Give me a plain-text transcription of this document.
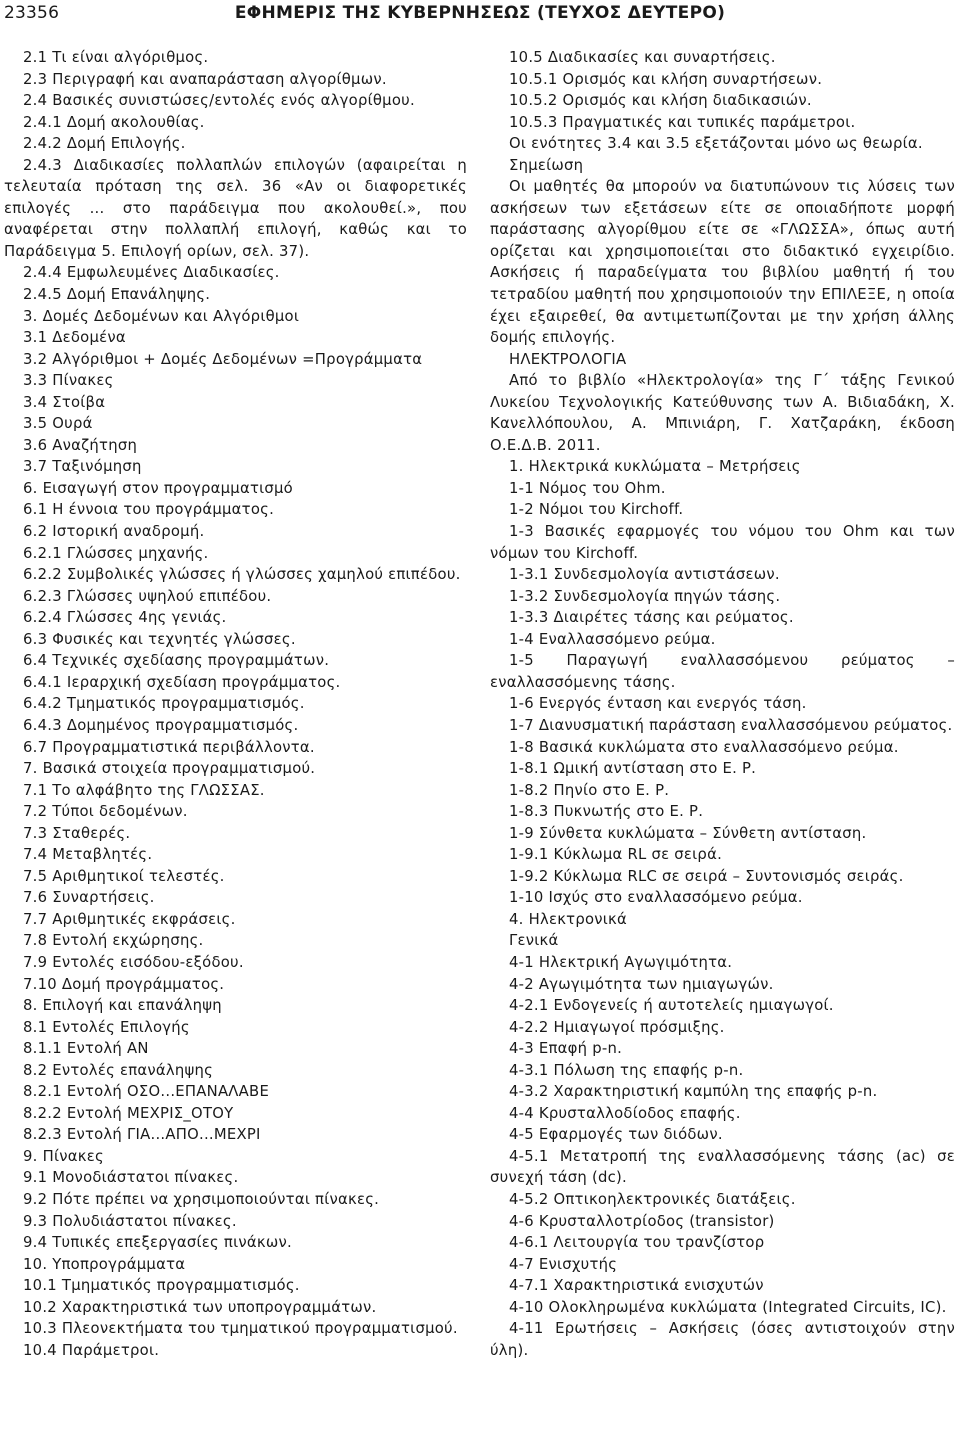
23356	ΕΦΗΜΕΡΙΣ ΤΗΣ ΚΥΒΕΡΝΗΣΕΩΣ (ΤΕΥΧΟΣ ΔΕΥΤΕΡΟ)

2.1 Τι είναι αλγόριθμος.

2.3 Περιγραφή και αναπαράσταση αλγορίθμων.

2.4 Βασικές συνιστώσες/εντολές ενός αλγορίθμου.

2.4.1 Δομή ακολουθίας.

2.4.2 Δομή Επιλογής.

2.4.3 Διαδικασίες πολλαπλών επιλογών (αφαιρείται η τελευταία πρόταση της σελ. 36 «Αν οι διαφορετικές επιλογές ... στο παράδειγμα που ακολουθεί.», που αναφέρεται στην πολλαπλή επιλογή, καθώς και το Παράδειγμα 5. Επιλογή ορίων, σελ. 37).

2.4.4 Εμφωλευμένες Διαδικασίες.

2.4.5 Δομή Επανάληψης.

3. Δομές Δεδομένων και Αλγόριθμοι

3.1 Δεδομένα

3.2 Αλγόριθμοι + Δομές Δεδομένων =Προγράμματα

3.3 Πίνακες

3.4 Στοίβα

3.5 Ουρά

3.6 Αναζήτηση

3.7 Ταξινόμηση

6. Εισαγωγή στον προγραμματισμό

6.1 Η έννοια του προγράμματος.

6.2 Ιστορική αναδρομή.

6.2.1 Γλώσσες μηχανής.

6.2.2 Συμβολικές γλώσσες ή γλώσσες χαμηλού επιπέδου.

6.2.3 Γλώσσες υψηλού επιπέδου.

6.2.4 Γλώσσες 4ης γενιάς.

6.3 Φυσικές και τεχνητές γλώσσες.

6.4 Τεχνικές σχεδίασης προγραμμάτων.

6.4.1 Ιεραρχική σχεδίαση προγράμματος.

6.4.2 Τμηματικός προγραμματισμός.

6.4.3 Δομημένος προγραμματισμός.

6.7 Προγραμματιστικά περιβάλλοντα.

7. Βασικά στοιχεία προγραμματισμού.

7.1 Το αλφάβητο της ΓΛΩΣΣΑΣ.

7.2 Τύποι δεδομένων.

7.3 Σταθερές.

7.4 Μεταβλητές.

7.5 Αριθμητικοί τελεστές.

7.6 Συναρτήσεις.

7.7 Αριθμητικές εκφράσεις.

7.8 Εντολή εκχώρησης.

7.9 Εντολές εισόδου-εξόδου.

7.10 Δομή προγράμματος.

8. Επιλογή και επανάληψη

8.1 Εντολές Επιλογής

8.1.1 Εντολή ΑΝ

8.2 Εντολές επανάληψης

8.2.1 Εντολή ΟΣΟ...ΕΠΑΝΑΛΑΒΕ

8.2.2 Εντολή ΜΕΧΡΙΣ_ΟΤΟΥ

8.2.3 Εντολή ΓΙΑ...ΑΠΟ...ΜΕΧΡΙ

9. Πίνακες

9.1 Μονοδιάστατοι πίνακες.

9.2 Πότε πρέπει να χρησιμοποιούνται πίνακες.

9.3 Πολυδιάστατοι πίνακες.

9.4 Τυπικές επεξεργασίες πινάκων.

10. Υποπρογράμματα

10.1 Τμηματικός προγραμματισμός.

10.2 Χαρακτηριστικά των υποπρογραμμάτων.

10.3 Πλεονεκτήματα του τμηματικού προγραμματισμού.

10.4 Παράμετροι.

10.5 Διαδικασίες και συναρτήσεις.

10.5.1 Ορισμός και κλήση συναρτήσεων.

10.5.2 Ορισμός και κλήση διαδικασιών.

10.5.3 Πραγματικές και τυπικές παράμετροι.

Οι ενότητες 3.4 και 3.5 εξετάζονται μόνο ως θεωρία.

Σημείωση

Οι μαθητές θα μπορούν να διατυπώνουν τις λύσεις των ασκήσεων των εξετάσεων είτε σε οποιαδήποτε μορφή παράστασης αλγορίθμου είτε σε «ΓΛΩΣΣΑ», όπως αυτή ορίζεται και χρησιμοποιείται στο διδακτικό εγχειρίδιο. Ασκήσεις ή παραδείγματα του βιβλίου μαθητή ή του τετραδίου μαθητή που χρησιμοποιούν την ΕΠΙΛΕΞΕ, η οποία έχει εξαιρεθεί, θα αντιμετωπίζονται με την χρήση άλλης δομής επιλογής.

ΗΛΕΚΤΡΟΛΟΓΙΑ

Από το βιβλίο «Ηλεκτρολογία» της Γ΄ τάξης Γενικού Λυκείου Τεχνολογικής Κατεύθυνσης των Α. Βιδιαδάκη, Χ. Κανελλόπουλου, Α. Μπινιάρη, Γ. Χατζαράκη, έκδοση Ο.Ε.Δ.Β. 2011.

1. Ηλεκτρικά κυκλώματα – Μετρήσεις

1-1 Νόμος του Ohm.

1-2 Νόμοι του Kirchoff.

1-3 Βασικές εφαρμογές του νόμου του Ohm και των νόμων του Kirchoff.

1-3.1 Συνδεσμολογία αντιστάσεων.

1-3.2 Συνδεσμολογία πηγών τάσης.

1-3.3 Διαιρέτες τάσης και ρεύματος.

1-4 Εναλλασσόμενο ρεύμα.

1-5 Παραγωγή εναλλασσόμενου ρεύματος – εναλλασσόμενης τάσης.

1-6 Ενεργός ένταση και ενεργός τάση.

1-7 Διανυσματική παράσταση εναλλασσόμενου ρεύματος.

1-8 Βασικά κυκλώματα στο εναλλασσόμενο ρεύμα.

1-8.1 Ωμική αντίσταση στο Ε. Ρ.

1-8.2 Πηνίο στο Ε. Ρ.

1-8.3 Πυκνωτής στο Ε. Ρ.

1-9 Σύνθετα κυκλώματα – Σύνθετη αντίσταση.

1-9.1 Κύκλωμα RL σε σειρά.

1-9.2 Κύκλωμα RLC σε σειρά – Συντονισμός σειράς.

1-10 Ισχύς στο εναλλασσόμενο ρεύμα.

4. Ηλεκτρονικά

Γενικά

4-1 Ηλεκτρική Αγωγιμότητα.

4-2 Αγωγιμότητα των ημιαγωγών.

4-2.1 Ενδογενείς ή αυτοτελείς ημιαγωγοί.

4-2.2 Ημιαγωγοί πρόσμιξης.

4-3 Επαφή p-n.

4-3.1 Πόλωση της επαφής p-n.

4-3.2 Χαρακτηριστική καμπύλη της επαφής p-n.

4-4 Κρυσταλλοδίοδος επαφής.

4-5 Εφαρμογές των διόδων.

4-5.1 Μετατροπή της εναλλασσόμενης τάσης (ac) σε συνεχή τάση (dc).

4-5.2 Οπτικοηλεκτρονικές διατάξεις.

4-6 Κρυσταλλοτρίοδος (transistor)

4-6.1 Λειτουργία του τρανζίστορ

4-7 Ενισχυτής

4-7.1 Χαρακτηριστικά ενισχυτών

4-10 Ολοκληρωμένα κυκλώματα (Integrated Circuits, IC).

4-11 Ερωτήσεις – Ασκήσεις (όσες αντιστοιχούν στην ύλη).
